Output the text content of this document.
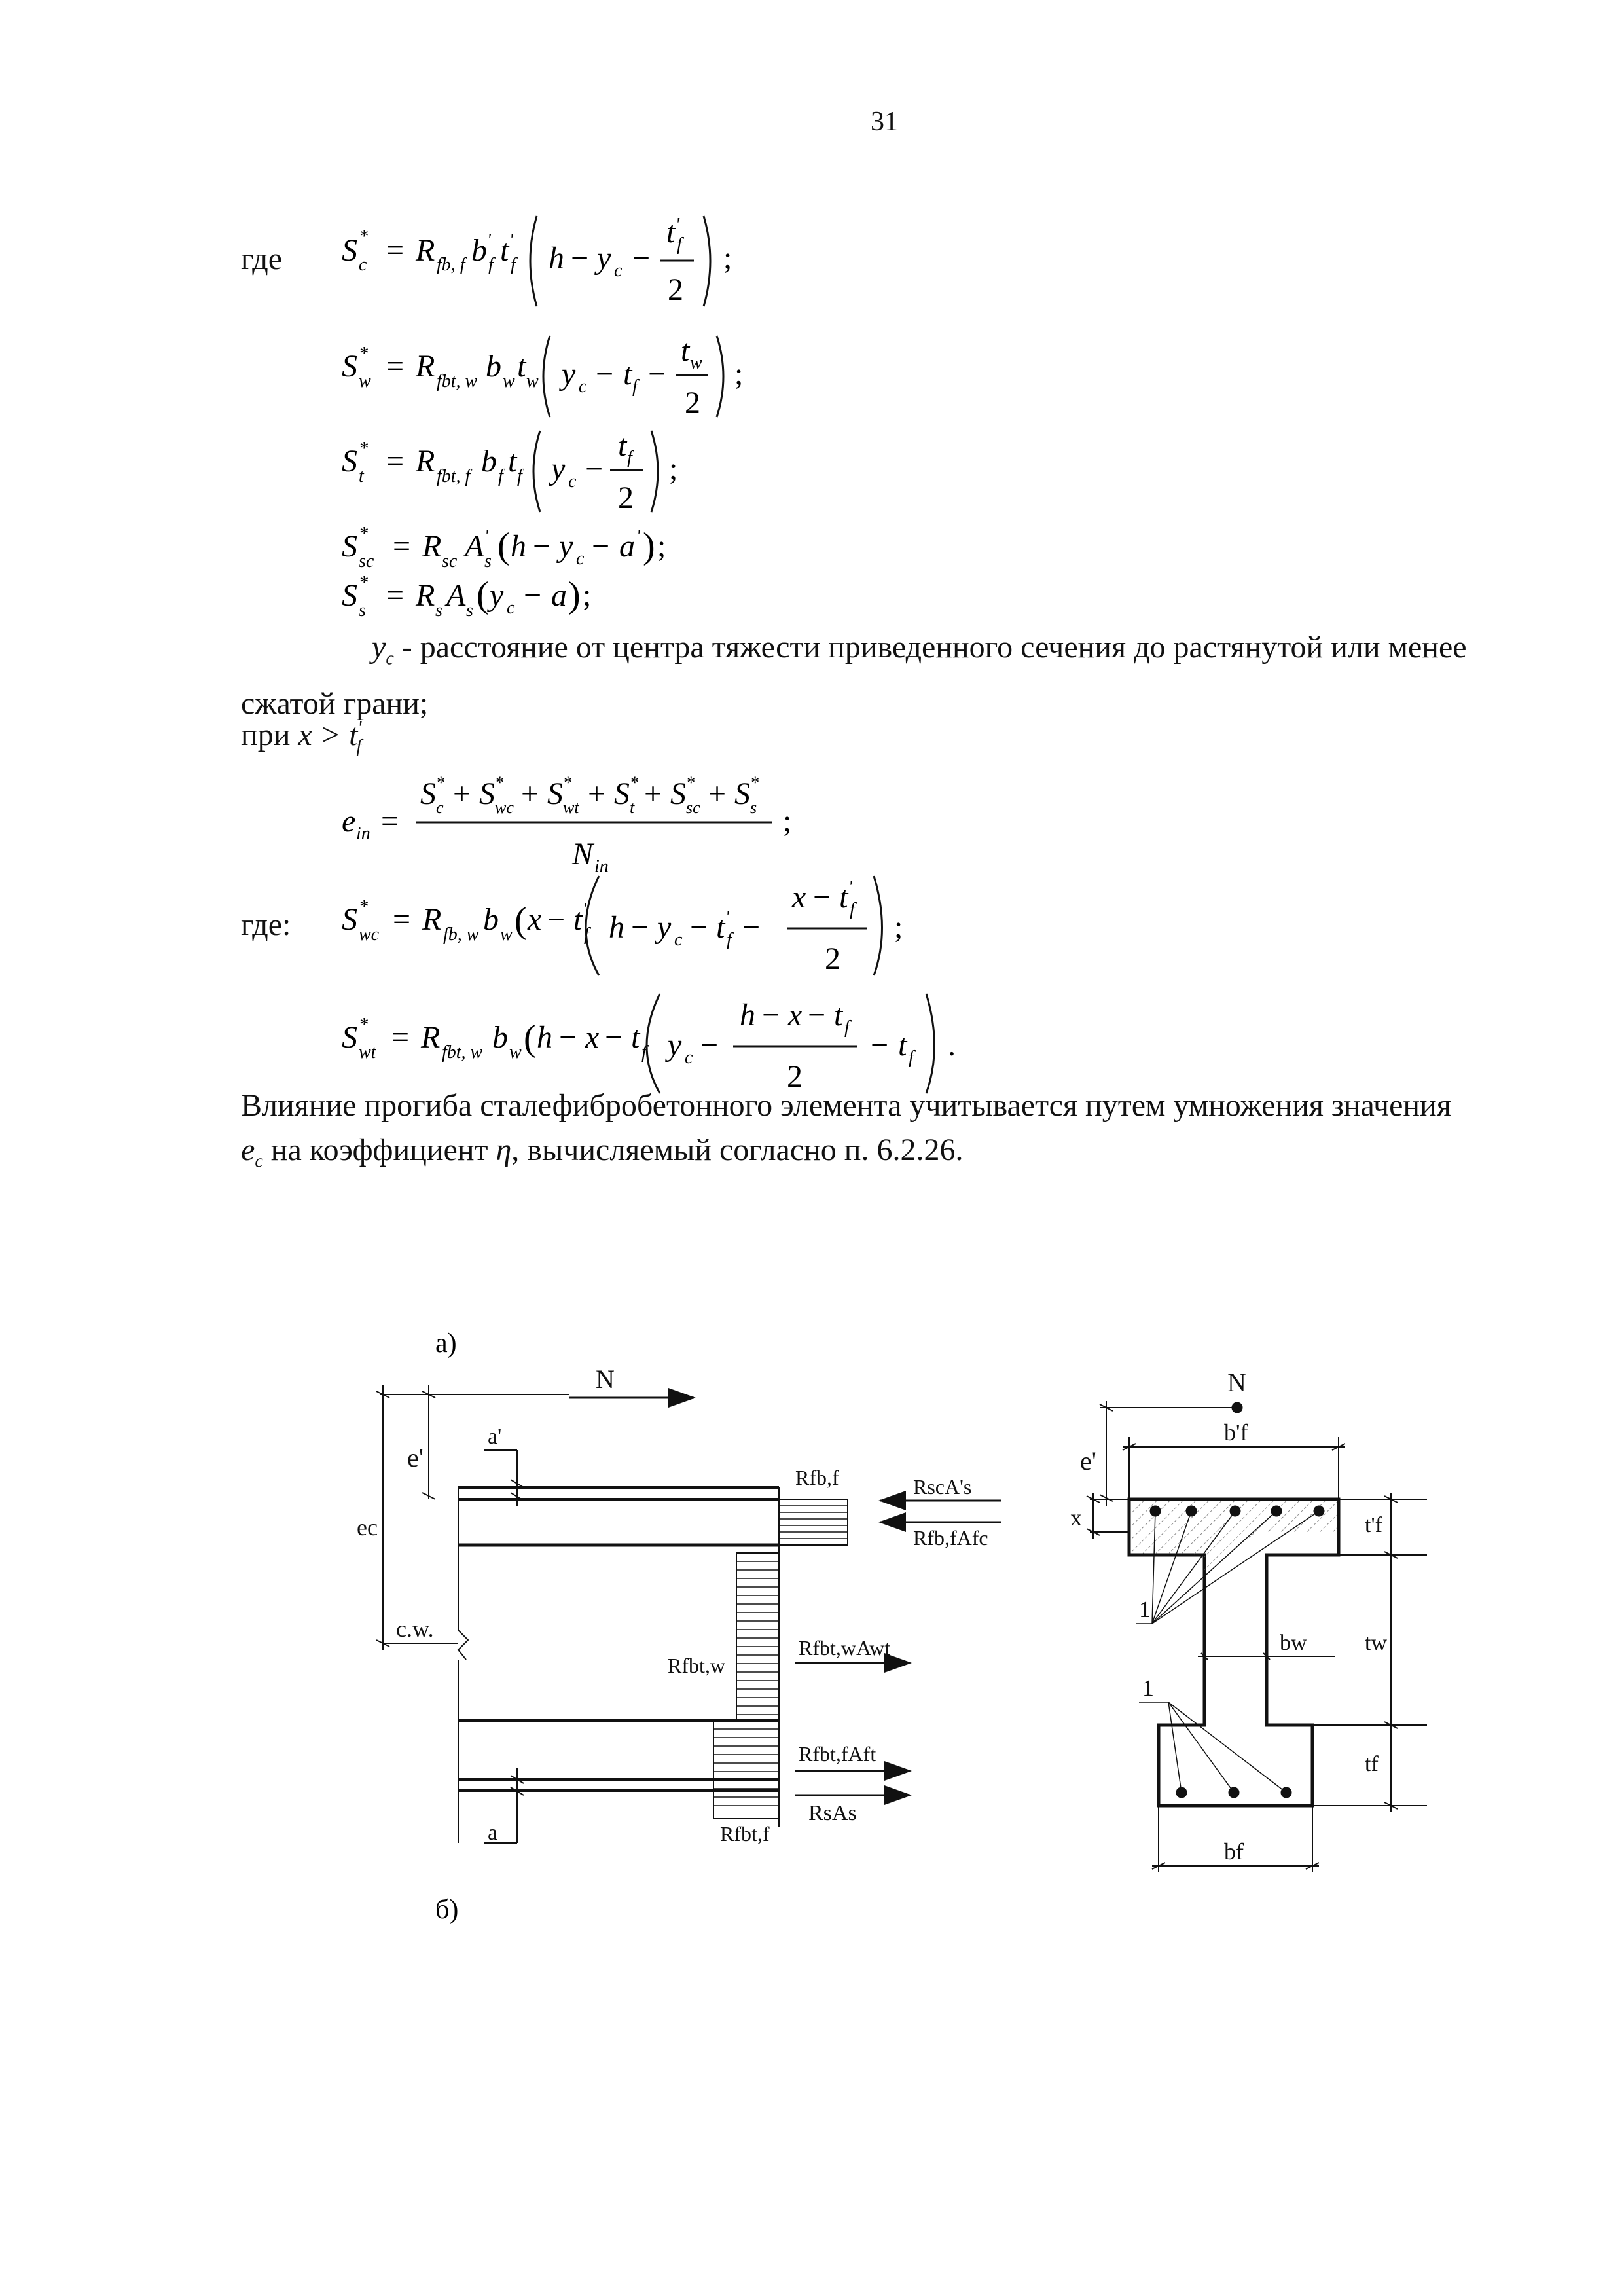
31
где S *
c = R fb, f b '
f t '
f h − y c −
t '
f
2
;
S *
w = R fbt, w b w t w y c − t f −
t w
2
;
S *
t = R fbt, f b f t f y c −
t f
2
;
S *
sc = R sc A '
s ( h − y c − a ' ) ;
S *
s = R s A s ( y c − a ) ;
$y_c$ - расстояние от центра тяжести приведенного сечения до растянутой или менее сжатой грани;
при $x > t'_f$
e in =
S *
c + S *
wc + S *
wt + S *
t + S *
sc + S *
s
N in
;
где: S *
wc = R fb, w b w ( x − t '
f h − y c − t '
f −
x − t '
f
2
;
S *
wt = R fbt, w b w ( h − x − t f y c −
h − x − t f
2
− t f .
Влияние прогиба сталефибробетонного элемента учитывается путем умножения значения
$e_c$ на коэффициент η, вычисляемый согласно п. 6.2.26.
а)
б)
N
e'
a'
ec
c.w.
a
Rfb,f	RscA's
Rfb,fAfc
Rfbt,w
Rfbt,wAwt
Rfbt,fAft
RsAs
Rfbt,f
N
e'
b'f
x	t'f
tw
bw
tf
bf
1
1
